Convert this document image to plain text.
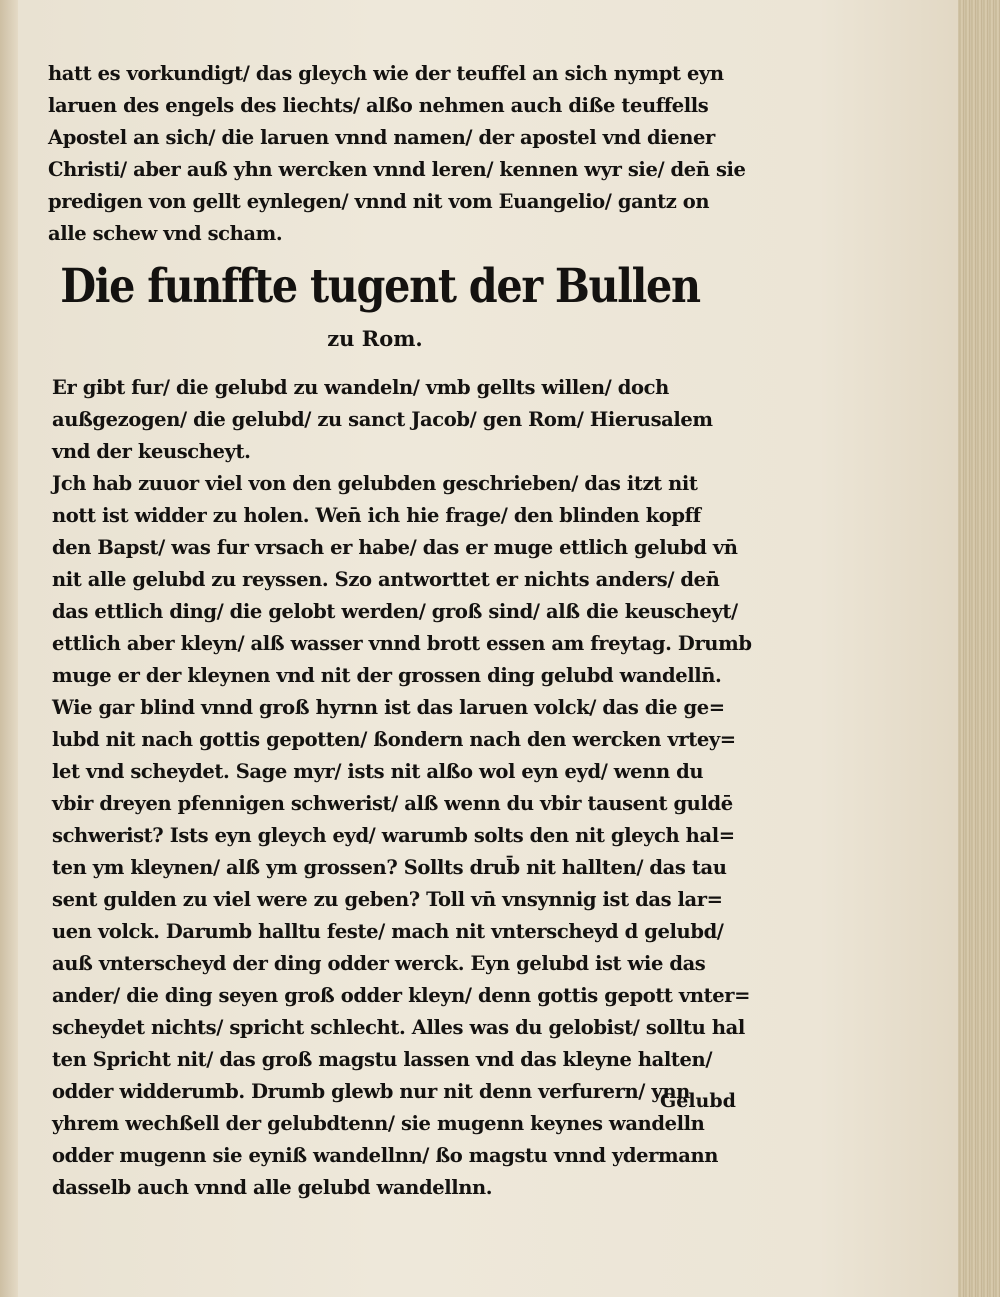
hatt es vorkundigt/ das gleych wie der teuffel an sich nympt eyn
laruen des engels des liechts/ alßo nehmen auch diße teuffells
Apostel an sich/ die laruen vnnd namen/ der apostel vnd diener
Christi/ aber auß yhn wercken vnnd leren/ kennen wyr sie/ den̄ sie
predigen von gellt eynlegen/ vnnd nit vom Euangelio/ gantz on
alle schew vnd scham.
Die funffte tugent der Bullen
zu Rom.
Er gibt fur/ die gelubd zu wandeln/ vmb gellts willen/ doch
außgezogen/ die gelubd/ zu sanct Jacob/ gen Rom/ Hierusalem
vnd der keuscheyt.
Jch hab zuuor viel von den gelubden geschrieben/ das itzt nit
nott ist widder zu holen. Wen̄ ich hie frage/ den blinden kopff
den Bapst/ was fur vrsach er habe/ das er muge ettlich gelubd vn̄
nit alle gelubd zu reyssen. Szo antworttet er nichts anders/ den̄
das ettlich ding/ die gelobt werden/ groß sind/ alß die keuscheyt/
ettlich aber kleyn/ alß wasser vnnd brott essen am freytag. Drumb
muge er der kleynen vnd nit der grossen ding gelubd wandelln̄.
Wie gar blind vnnd groß hyrnn ist das laruen volck/ das die ge=
lubd nit nach gottis gepotten/ ßondern nach den wercken vrtey=
let vnd scheydet. Sage myr/ ists nit alßo wol eyn eyd/ wenn du
vbir dreyen pfennigen schwerist/ alß wenn du vbir tausent guldē
schwerist? Ists eyn gleych eyd/ warumb solts den nit gleych hal=
ten ym kleynen/ alß ym grossen? Sollts drub̄ nit hallten/ das tau
sent gulden zu viel were zu geben? Toll vn̄ vnsynnig ist das lar=
uen volck. Darumb halltu feste/ mach nit vnterscheyd d gelubd/
auß vnterscheyd der ding odder werck. Eyn gelubd ist wie das
ander/ die ding seyen groß odder kleyn/ denn gottis gepott vnter=
scheydet nichts/ spricht schlecht. Alles was du gelobist/ solltu hal
ten Spricht nit/ das groß magstu lassen vnd das kleyne halten/
odder widderumb. Drumb glewb nur nit denn verfurern/ ynn
yhrem wechßell der gelubdtenn/ sie mugenn keynes wandelln
odder mugenn sie eyniß wandellnn/ ßo magstu vnnd ydermann
dasselb auch vnnd alle gelubd wandellnn.
Gelubd
